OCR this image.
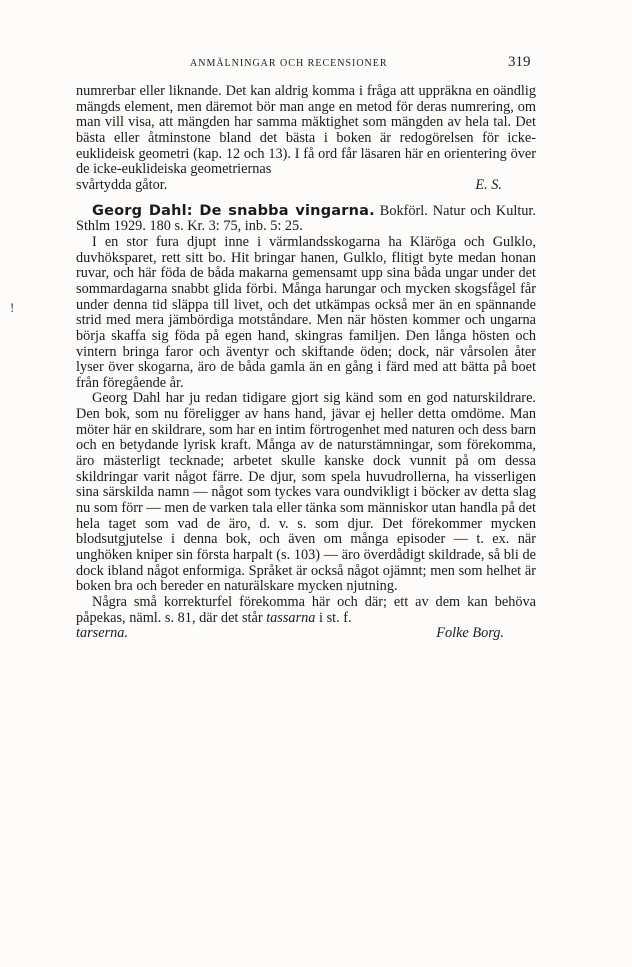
ANMÄLNINGAR OCH RECENSIONER	319
!

numrerbar eller liknande. Det kan aldrig komma i fråga att uppräkna en oändlig mängds element, men däremot bör man ange en metod för deras numrering, om man vill visa, att mängden har samma mäktighet som mängden av hela tal. Det bästa eller åtminstone bland det bästa i boken är redogörelsen för icke-euklideisk geometri (kap. 12 och 13). I få ord får läsaren här en orientering över de icke-euklideiska geometriernas

svårtydda gåtor.	E. S.

Georg Dahl: De snabba vingarna. Bokförl. Natur och Kultur. Sthlm 1929. 180 s. Kr. 3: 75, inb. 5: 25.

I en stor fura djupt inne i värmlandsskogarna ha Kläröga och Gulklo, duvhöksparet, rett sitt bo. Hit bringar hanen, Gulklo, flitigt byte medan honan ruvar, och här föda de båda makarna gemensamt upp sina båda ungar under det sommardagarna snabbt glida förbi. Många harungar och mycken skogsfågel får under denna tid släppa till livet, och det utkämpas också mer än en spännande strid med mera jämbördiga motståndare. Men när hösten kommer och ungarna börja skaffa sig föda på egen hand, skingras familjen. Den långa hösten och vintern bringa faror och äventyr och skiftande öden; dock, när vårsolen åter lyser över skogarna, äro de båda gamla än en gång i färd med att bätta på boet från föregående år.

Georg Dahl har ju redan tidigare gjort sig känd som en god naturskildrare. Den bok, som nu föreligger av hans hand, jävar ej heller detta omdöme. Man möter här en skildrare, som har en intim förtrogenhet med naturen och dess barn och en betydande lyrisk kraft. Många av de naturstämningar, som förekomma, äro mästerligt tecknade; arbetet skulle kanske dock vunnit på om dessa skildringar varit något färre. De djur, som spela huvudrollerna, ha visserligen sina särskilda namn — något som tyckes vara oundvikligt i böcker av detta slag nu som förr — men de varken tala eller tänka som människor utan handla på det hela taget som vad de äro, d. v. s. som djur. Det förekommer mycken blodsutgjutelse i denna bok, och även om många episoder — t. ex. när unghöken kniper sin första harpalt (s. 103) — äro överdådigt skildrade, så bli de dock ibland något enformiga. Språket är också något ojämnt; men som helhet är boken bra och bereder en naturälskare mycken njutning.

Några små korrekturfel förekomma här och där; ett av dem kan behöva påpekas, näml. s. 81, där det står tassarna i st. f.

tarserna.	Folke Borg.
